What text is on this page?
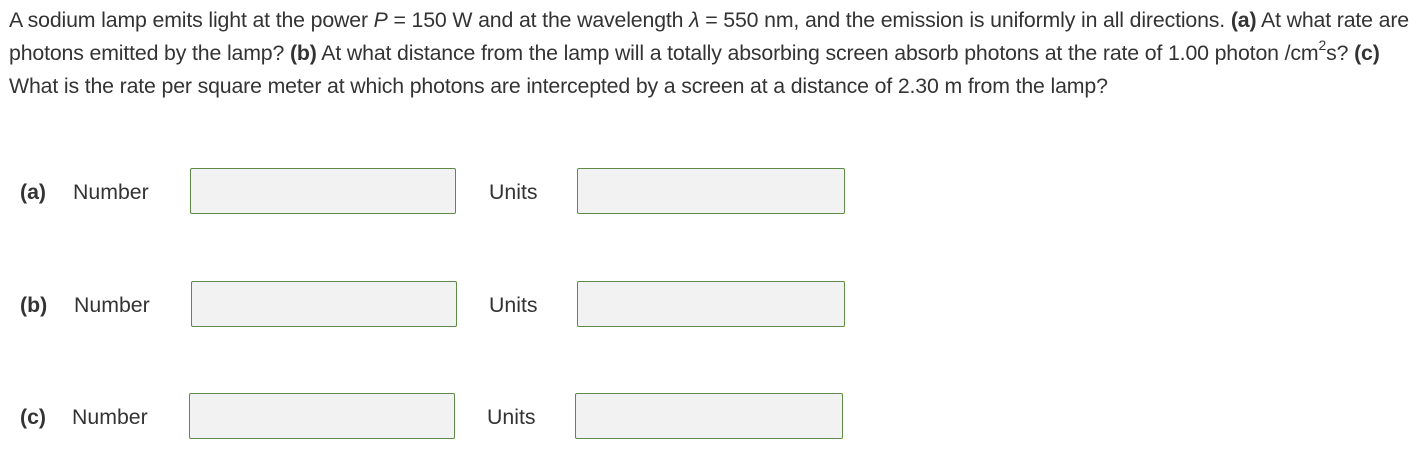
A sodium lamp emits light at the power P = 150 W and at the wavelength λ = 550 nm, and the emission is uniformly in all directions. (a) At what rate are photons emitted by the lamp? (b) At what distance from the lamp will a totally absorbing screen absorb photons at the rate of 1.00 photon $/cm^2s$? (c) What is the rate per square meter at which photons are intercepted by a screen at a distance of 2.30 m from the lamp?
(a) Number	Units
(b) Number	Units
(c) Number	Units
